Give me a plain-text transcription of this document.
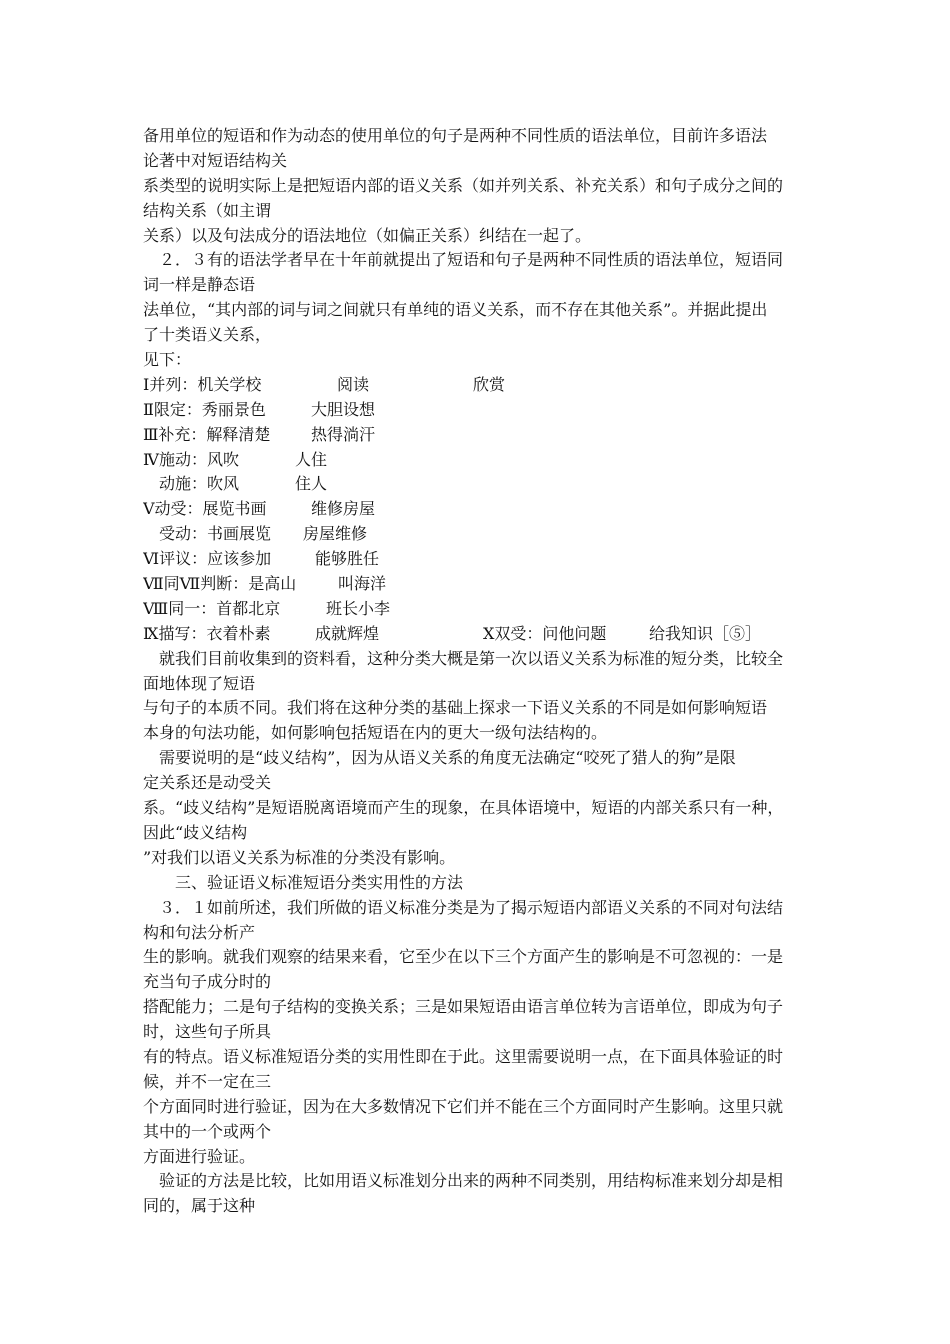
备用单位的短语和作为动态的使用单位的句子是两种不同性质的语法单位，目前许多语法
论著中对短语结构关
系类型的说明实际上是把短语内部的语义关系（如并列关系、补充关系）和句子成分之间的
结构关系（如主谓
关系）以及句法成分的语法地位（如偏正关系）纠结在一起了。
　２．３有的语法学者早在十年前就提出了短语和句子是两种不同性质的语法单位，短语同
词一样是静态语
法单位，“其内部的词与词之间就只有单纯的语义关系，而不存在其他关系”。并据此提出
了十类语义关系，
见下：
Ⅰ并列：机关学校	阅读	欣赏
Ⅱ限定：秀丽景色	大胆设想
Ⅲ补充：解释清楚	热得淌汗
Ⅳ施动：风吹	人住
　动施：吹风	住人
Ⅴ动受：展览书画	维修房屋
　受动：书画展览 房屋维修
Ⅵ评议：应该参加	能够胜任
Ⅶ同Ⅶ判断：是高山	叫海洋
Ⅷ同一：首都北京	班长小李
Ⅸ描写：衣着朴素	成就辉煌	Ⅹ双受：问他问题	给我知识［⑤］
　就我们目前收集到的资料看，这种分类大概是第一次以语义关系为标准的短分类，比较全
面地体现了短语
与句子的本质不同。我们将在这种分类的基础上探求一下语义关系的不同是如何影响短语
本身的句法功能，如何影响包括短语在内的更大一级句法结构的。
　需要说明的是“歧义结构”，因为从语义关系的角度无法确定“咬死了猎人的狗”是限
定关系还是动受关
系。“歧义结构”是短语脱离语境而产生的现象，在具体语境中，短语的内部关系只有一种，
因此“歧义结构
”对我们以语义关系为标准的分类没有影响。
　　三、验证语义标准短语分类实用性的方法
　３．１如前所述，我们所做的语义标准分类是为了揭示短语内部语义关系的不同对句法结
构和句法分析产
生的影响。就我们观察的结果来看，它至少在以下三个方面产生的影响是不可忽视的：一是
充当句子成分时的
搭配能力；二是句子结构的变换关系；三是如果短语由语言单位转为言语单位，即成为句子
时，这些句子所具
有的特点。语义标准短语分类的实用性即在于此。这里需要说明一点，在下面具体验证的时
候，并不一定在三
个方面同时进行验证，因为在大多数情况下它们并不能在三个方面同时产生影响。这里只就
其中的一个或两个
方面进行验证。
　验证的方法是比较，比如用语义标准划分出来的两种不同类别，用结构标准来划分却是相
同的，属于这种
